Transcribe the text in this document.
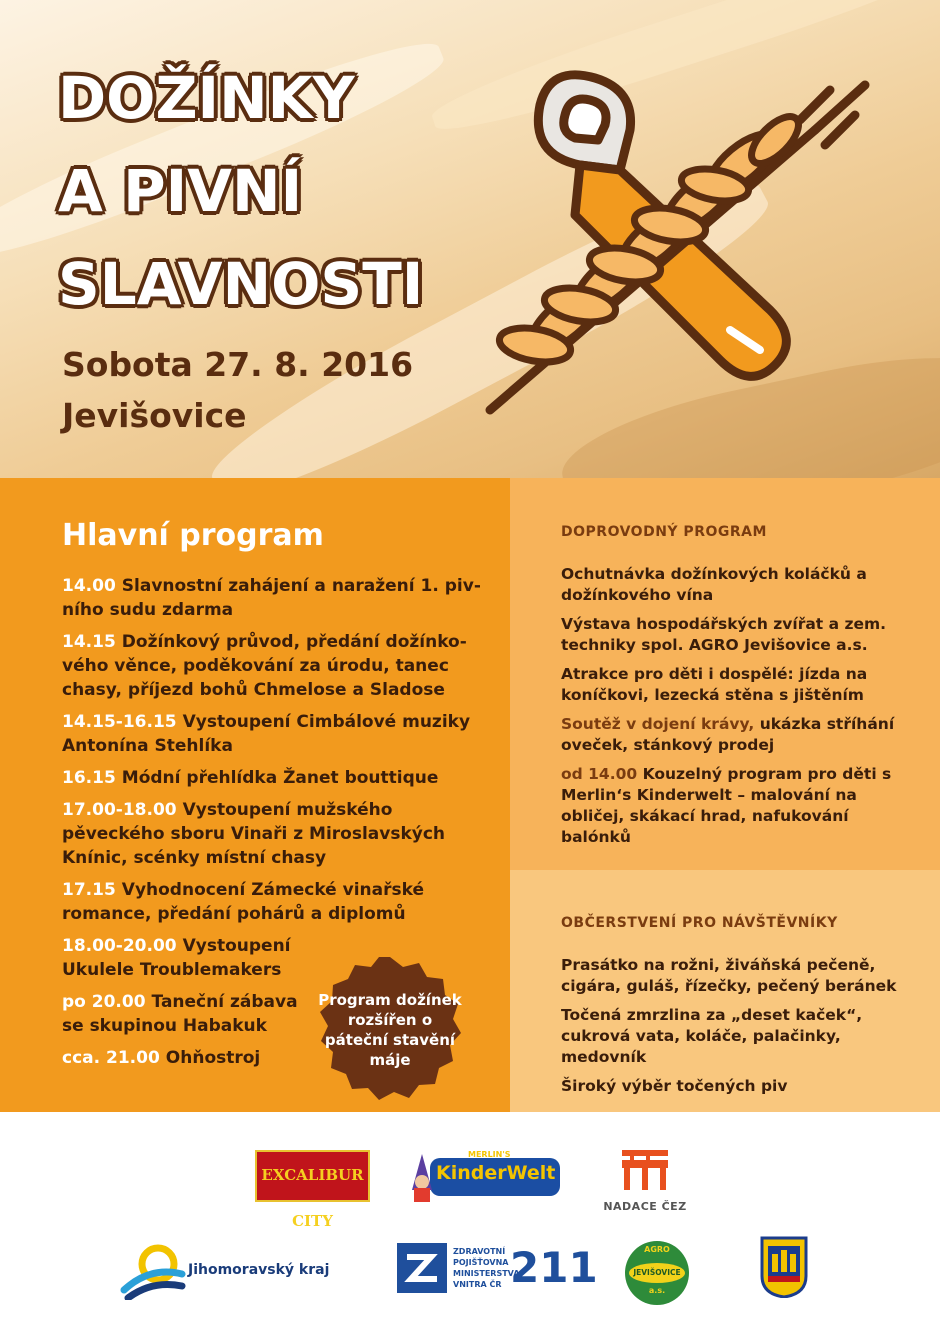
DOŽÍNKY
A PIVNÍ
SLAVNOSTI

Sobota 27. 8. 2016

Jevišovice

Hlavní program
14.00 Slavnostní zahájení a naražení 1. pivního sudu zdarma
14.15 Dožínkový průvod, předání dožínkového věnce, poděkování za úrodu, tanec chasy, příjezd bohů Chmelose a Sladose
14.15-16.15 Vystoupení Cimbálové muziky Antonína Stehlíka
16.15 Módní přehlídka Žanet bouttique
17.00-18.00 Vystoupení mužského pěveckého sboru Vinaři z Miroslavských Knínic, scénky místní chasy
17.15 Vyhodnocení Zámecké vinařské romance, předání pohárů a diplomů
18.00-20.00 Vystoupení Ukulele Troublemakers
po 20.00 Taneční zábava se skupinou Habakuk
cca. 21.00 Ohňostroj

Program dožínek rozšířen o páteční stavění máje

DOPROVODNÝ PROGRAM
Ochutnávka dožínkových koláčků a dožínkového vína
Výstava hospodářských zvířat a zem. techniky spol. AGRO Jevišovice a.s.
Atrakce pro děti i dospělé: jízda na koníčkovi, lezecká stěna s jištěním
Soutěž v dojení krávy, ukázka stříhání oveček, stánkový prodej
od 14.00 Kouzelný program pro děti s Merlin‘s Kinderwelt – malování na obličej, skákací hrad, nafukování balónků
OBČERSTVENÍ PRO NÁVŠTĚVNÍKY
Prasátko na rožni, živáňská pečeně, cigára, guláš, řízečky, pečený beránek
Točená zmrzlina za „deset kaček“, cukrová vata, koláče, palačinky, medovník
Široký výběr točených piv
EXCALIBUR CITY
KinderWelt
MERLIN'S
NADACE ČEZ
Jihomoravský kraj
ZDRAVOTNÍ
POJIŠŤOVNA
MINISTERSTVA
VNITRA ČR 211	AGRO
JEVIŠOVICE
a.s.
